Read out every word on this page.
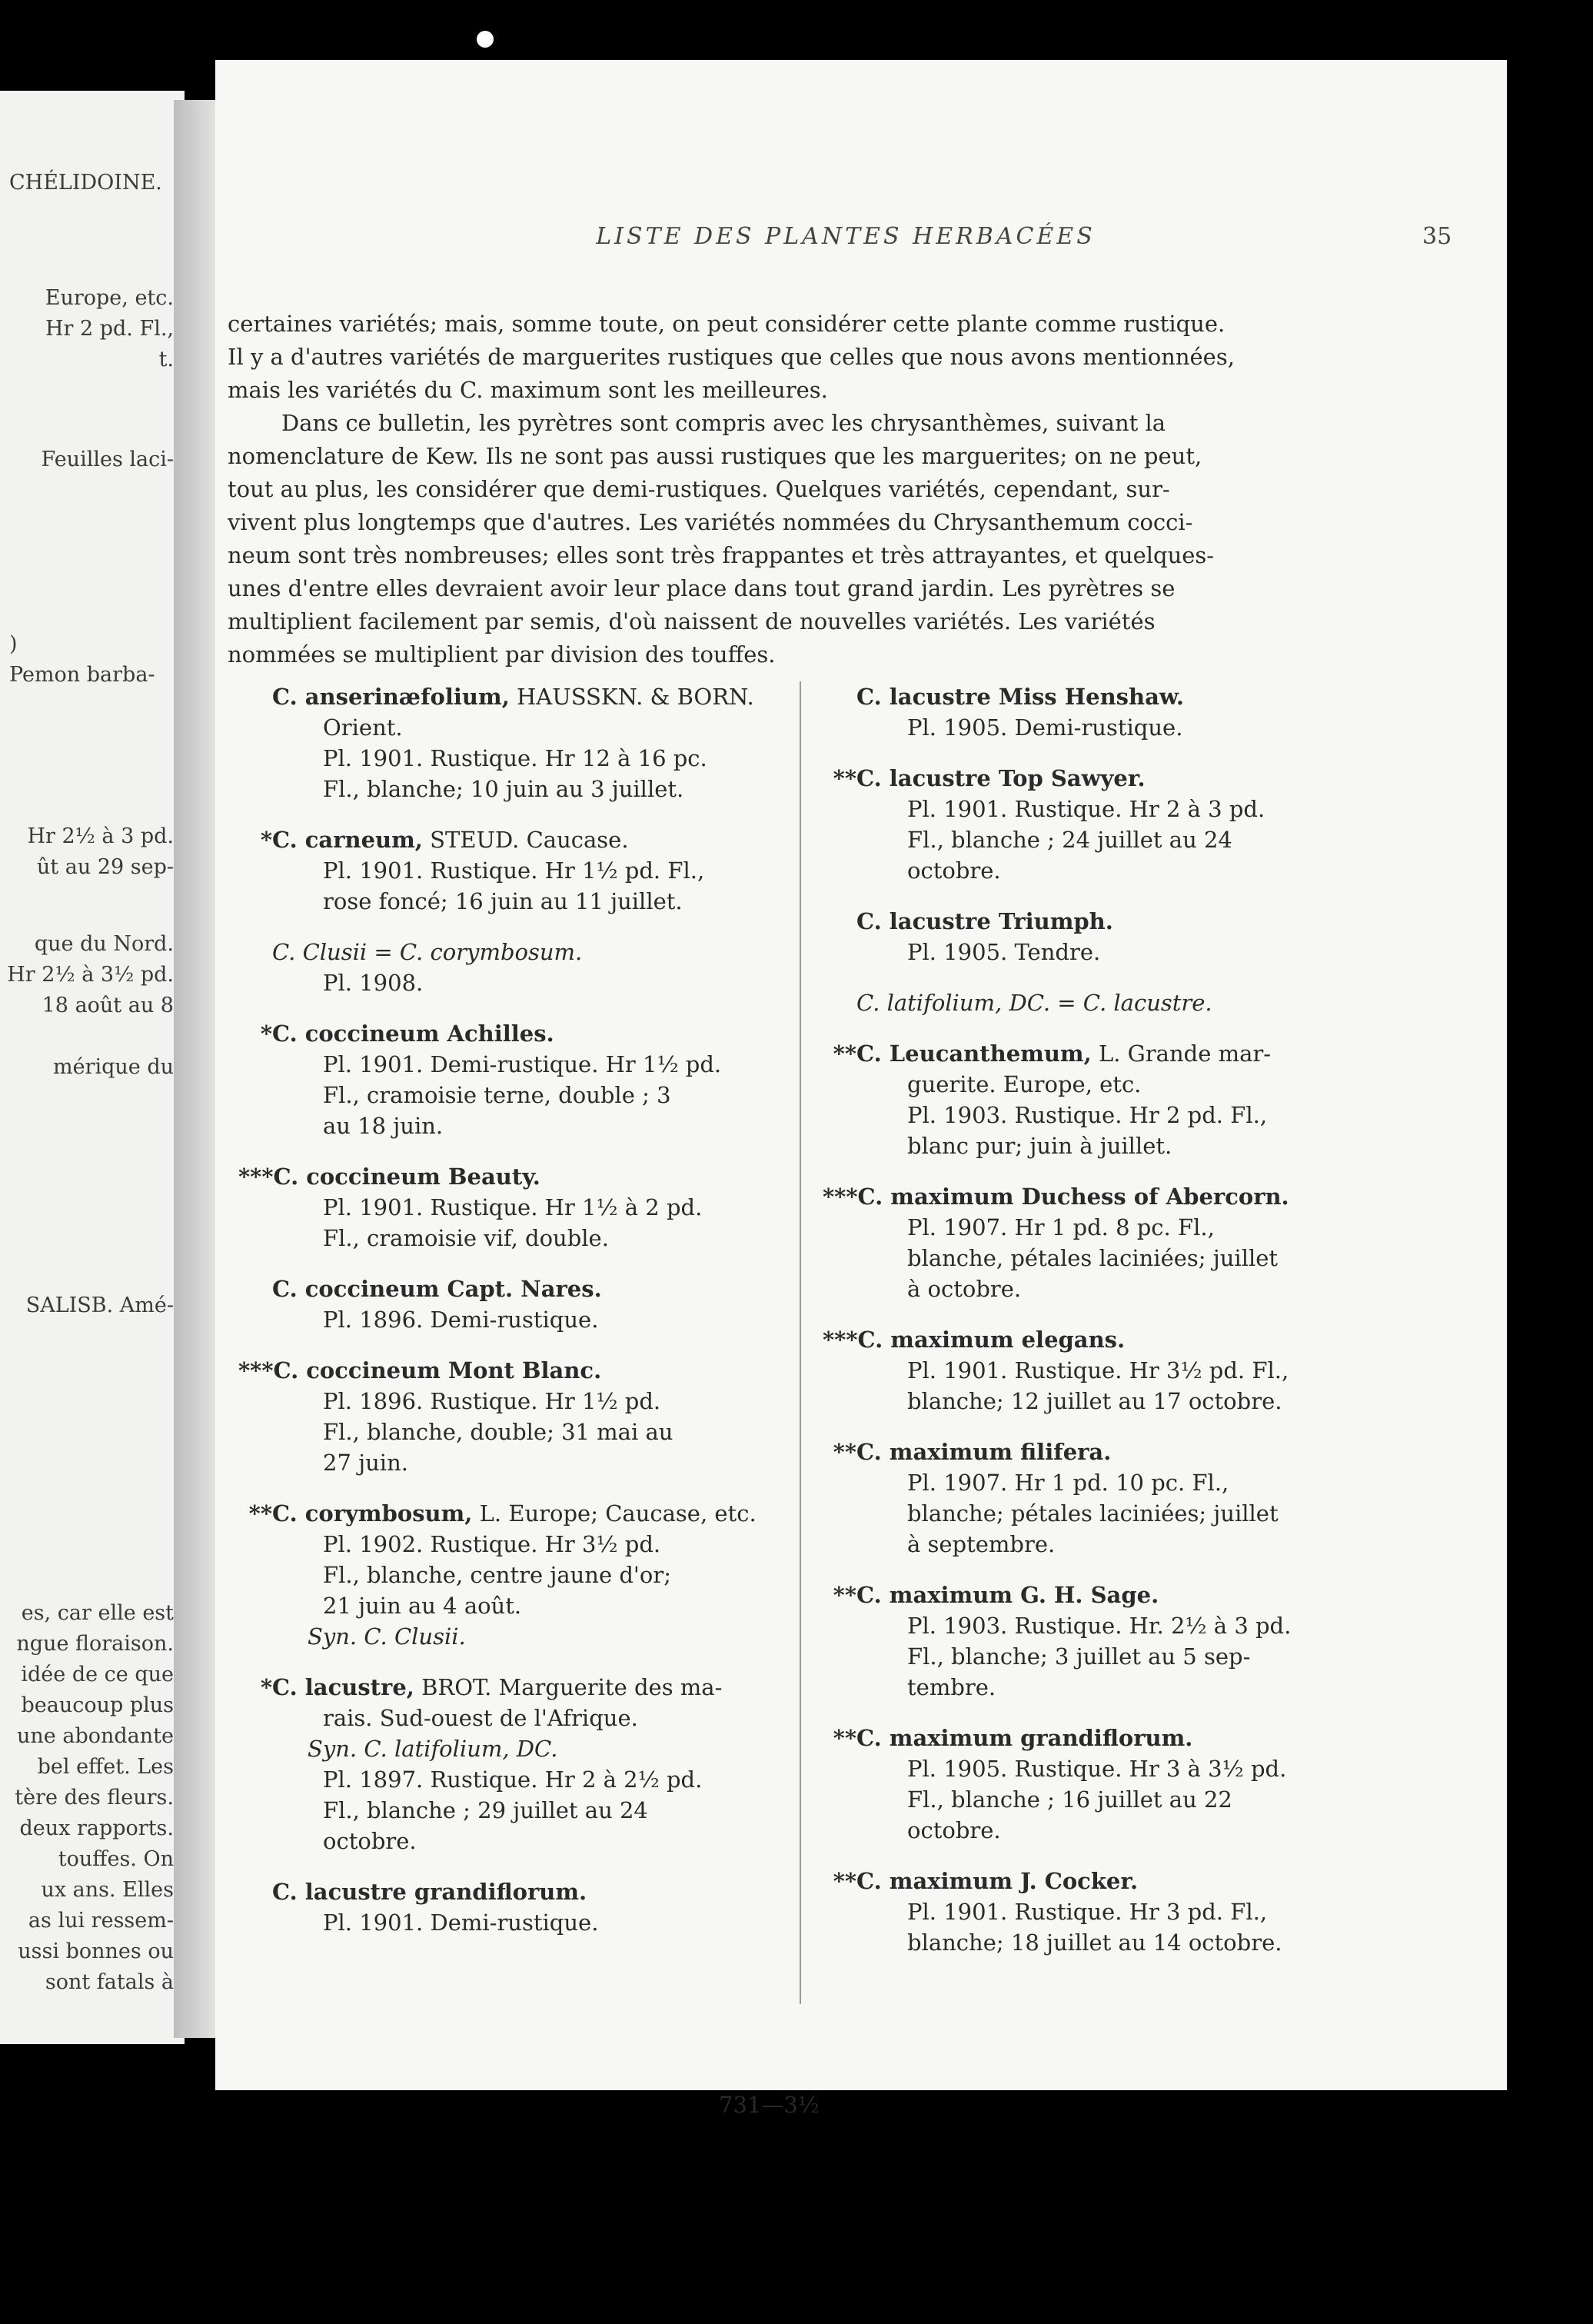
CHÉLIDOINE.
Europe, etc.
Hr 2 pd. Fl.,
t.
Feuilles laci-
)
Pemon barba-
Hr 2½ à 3 pd.
ût au 29 sep-
que du Nord.
Hr 2½ à 3½ pd.
18 août au 8
mérique du
SALISB. Amé-
es, car elle est
ngue floraison.
idée de ce que
beaucoup plus
une abondante
bel effet. Les
tère des fleurs.
deux rapports.
touffes. On
ux ans. Elles
as lui ressem-
ussi bonnes ou
sont fatals à
LISTE DES PLANTES HERBACÉES	35

certaines variétés; mais, somme toute, on peut considérer cette plante comme rustique.
Il y a d'autres variétés de marguerites rustiques que celles que nous avons mentionnées,
mais les variétés du C. maximum sont les meilleures.

Dans ce bulletin, les pyrètres sont compris avec les chrysanthèmes, suivant la

nomenclature de Kew. Ils ne sont pas aussi rustiques que les marguerites; on ne peut,
tout au plus, les considérer que demi-rustiques. Quelques variétés, cependant, sur-
vivent plus longtemps que d'autres. Les variétés nommées du Chrysanthemum cocci-
neum sont très nombreuses; elles sont très frappantes et très attrayantes, et quelques-
unes d'entre elles devraient avoir leur place dans tout grand jardin. Les pyrètres se
multiplient facilement par semis, d'où naissent de nouvelles variétés. Les variétés
nommées se multiplient par division des touffes.

C. anserinæfolium, HAUSSKN. & BORN.
Orient.
Pl. 1901. Rustique. Hr 12 à 16 pc.
Fl., blanche; 10 juin au 3 juillet.
*C. carneum, STEUD. Caucase.
Pl. 1901. Rustique. Hr 1½ pd. Fl.,
rose foncé; 16 juin au 11 juillet.
C. Clusii = C. corymbosum.
Pl. 1908.
*C. coccineum Achilles.
Pl. 1901. Demi-rustique. Hr 1½ pd.
Fl., cramoisie terne, double ; 3
au 18 juin.
***C. coccineum Beauty.
Pl. 1901. Rustique. Hr 1½ à 2 pd.
Fl., cramoisie vif, double.
C. coccineum Capt. Nares.
Pl. 1896. Demi-rustique.
***C. coccineum Mont Blanc.
Pl. 1896. Rustique. Hr 1½ pd.
Fl., blanche, double; 31 mai au
27 juin.
**C. corymbosum, L. Europe; Caucase, etc.
Pl. 1902. Rustique. Hr 3½ pd.
Fl., blanche, centre jaune d'or;
21 juin au 4 août.
Syn. C. Clusii.
*C. lacustre, BROT. Marguerite des ma-
rais. Sud-ouest de l'Afrique.
Syn. C. latifolium, DC.
Pl. 1897. Rustique. Hr 2 à 2½ pd.
Fl., blanche ; 29 juillet au 24
octobre.
C. lacustre grandiflorum.
Pl. 1901. Demi-rustique.
C. lacustre Miss Henshaw.
Pl. 1905. Demi-rustique.
**C. lacustre Top Sawyer.
Pl. 1901. Rustique. Hr 2 à 3 pd.
Fl., blanche ; 24 juillet au 24
octobre.
C. lacustre Triumph.
Pl. 1905. Tendre.
C. latifolium, DC. = C. lacustre.
**C. Leucanthemum, L. Grande mar-
guerite. Europe, etc.
Pl. 1903. Rustique. Hr 2 pd. Fl.,
blanc pur; juin à juillet.
***C. maximum Duchess of Abercorn.
Pl. 1907. Hr 1 pd. 8 pc. Fl.,
blanche, pétales laciniées; juillet
à octobre.
***C. maximum elegans.
Pl. 1901. Rustique. Hr 3½ pd. Fl.,
blanche; 12 juillet au 17 octobre.
**C. maximum filifera.
Pl. 1907. Hr 1 pd. 10 pc. Fl.,
blanche; pétales laciniées; juillet
à septembre.
**C. maximum G. H. Sage.
Pl. 1903. Rustique. Hr. 2½ à 3 pd.
Fl., blanche; 3 juillet au 5 sep-
tembre.
**C. maximum grandiflorum.
Pl. 1905. Rustique. Hr 3 à 3½ pd.
Fl., blanche ; 16 juillet au 22
octobre.
**C. maximum J. Cocker.
Pl. 1901. Rustique. Hr 3 pd. Fl.,
blanche; 18 juillet au 14 octobre.
731—3½
